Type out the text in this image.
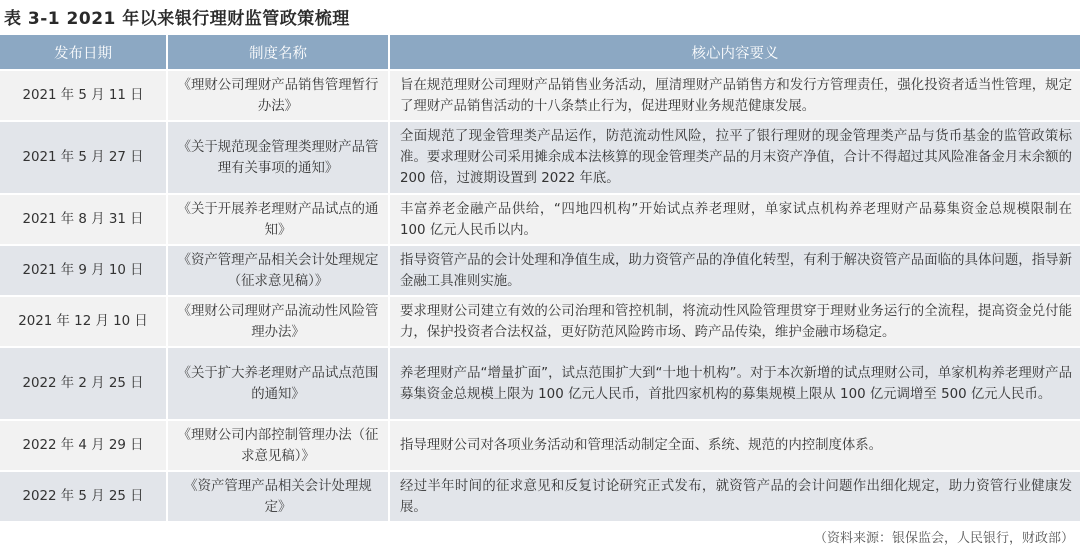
表 3-1 2021 年以来银行理财监管政策梳理
发布日期	制度名称	核心内容要义
2021 年 5 月 11 日	《理财公司理财产品销售管理暂行办法》	旨在规范理财公司理财产品销售业务活动，厘清理财产品销售方和发行方管理责任，强化投资者适当性管理，规定了理财产品销售活动的十八条禁止行为，促进理财业务规范健康发展。
2021 年 5 月 27 日	《关于规范现金管理类理财产品管理有关事项的通知》	全面规范了现金管理类产品运作，防范流动性风险，拉平了银行理财的现金管理类产品与货币基金的监管政策标准。要求理财公司采用摊余成本法核算的现金管理类产品的月末资产净值，合计不得超过其风险准备金月末余额的 200 倍，过渡期设置到 2022 年底。
2021 年 8 月 31 日	《关于开展养老理财产品试点的通知》	丰富养老金融产品供给，“四地四机构”开始试点养老理财，单家试点机构养老理财产品募集资金总规模限制在 100 亿元人民币以内。
2021 年 9 月 10 日	《资产管理产品相关会计处理规定（征求意见稿）》	指导资管产品的会计处理和净值生成，助力资管产品的净值化转型，有利于解决资管产品面临的具体问题，指导新金融工具准则实施。
2021 年 12 月 10 日	《理财公司理财产品流动性风险管理办法》	要求理财公司建立有效的公司治理和管控机制，将流动性风险管理贯穿于理财业务运行的全流程，提高资金兑付能力，保护投资者合法权益，更好防范风险跨市场、跨产品传染，维护金融市场稳定。
2022 年 2 月 25 日	《关于扩大养老理财产品试点范围的通知》	养老理财产品“增量扩面”，试点范围扩大到“十地十机构”。对于本次新增的试点理财公司，单家机构养老理财产品募集资金总规模上限为 100 亿元人民币，首批四家机构的募集规模上限从 100 亿元调增至 500 亿元人民币。
2022 年 4 月 29 日	《理财公司内部控制管理办法（征求意见稿）》	指导理财公司对各项业务活动和管理活动制定全面、系统、规范的内控制度体系。
2022 年 5 月 25 日	《资产管理产品相关会计处理规定》	经过半年时间的征求意见和反复讨论研究正式发布，就资管产品的会计问题作出细化规定，助力资管行业健康发展。
（资料来源：银保监会，人民银行，财政部）
